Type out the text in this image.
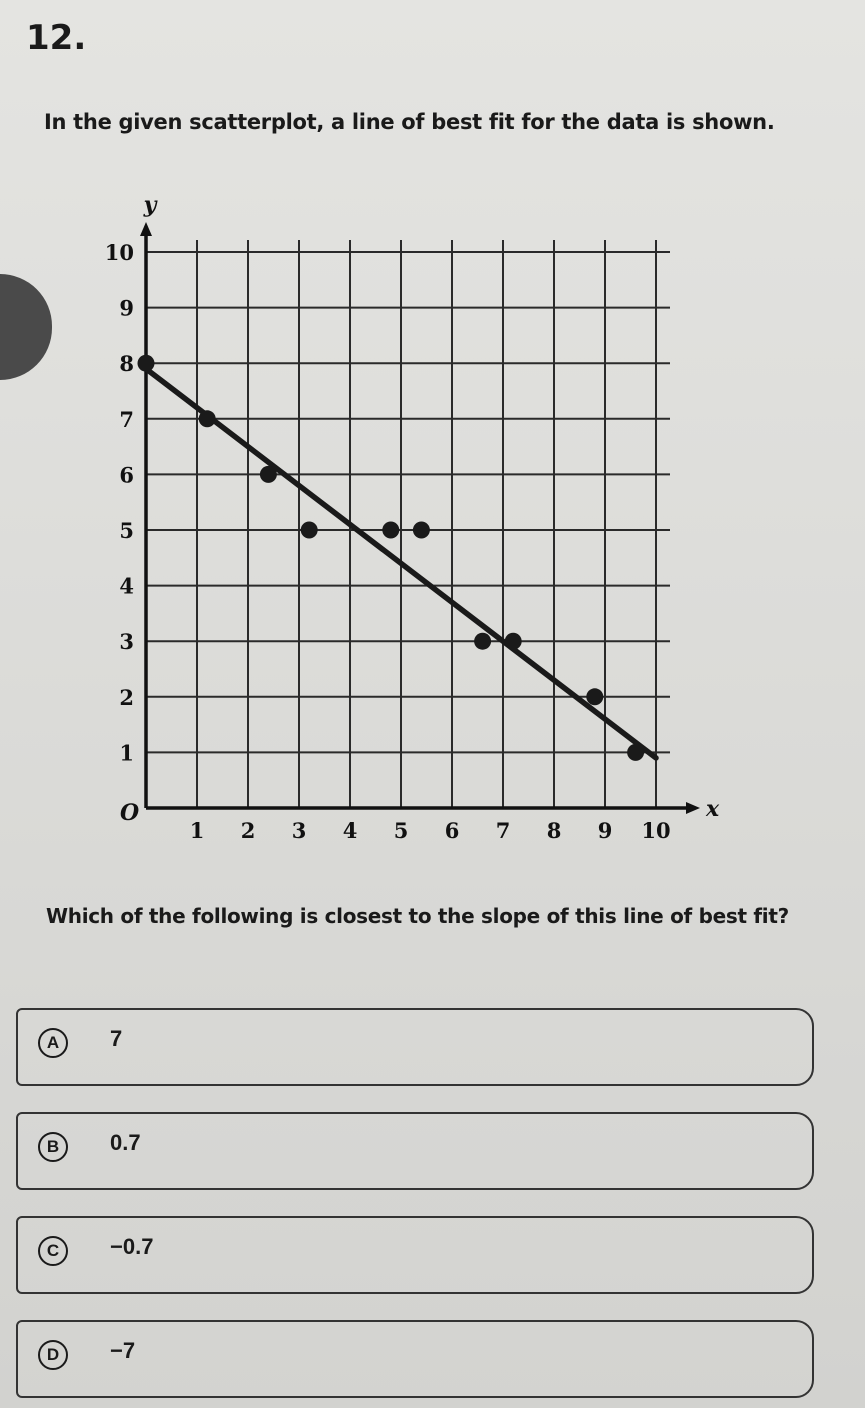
12.

In the given scatterplot, a line of best fit for the data is shown.

x
y
O
1 2 3 4 5 6 7 8 9 10
1
2
3
4
5
6
7
8
9
10

Which of the following is closest to the slope of this line of best fit?

A	7
B	0.7
C	−0.7
D	−7
